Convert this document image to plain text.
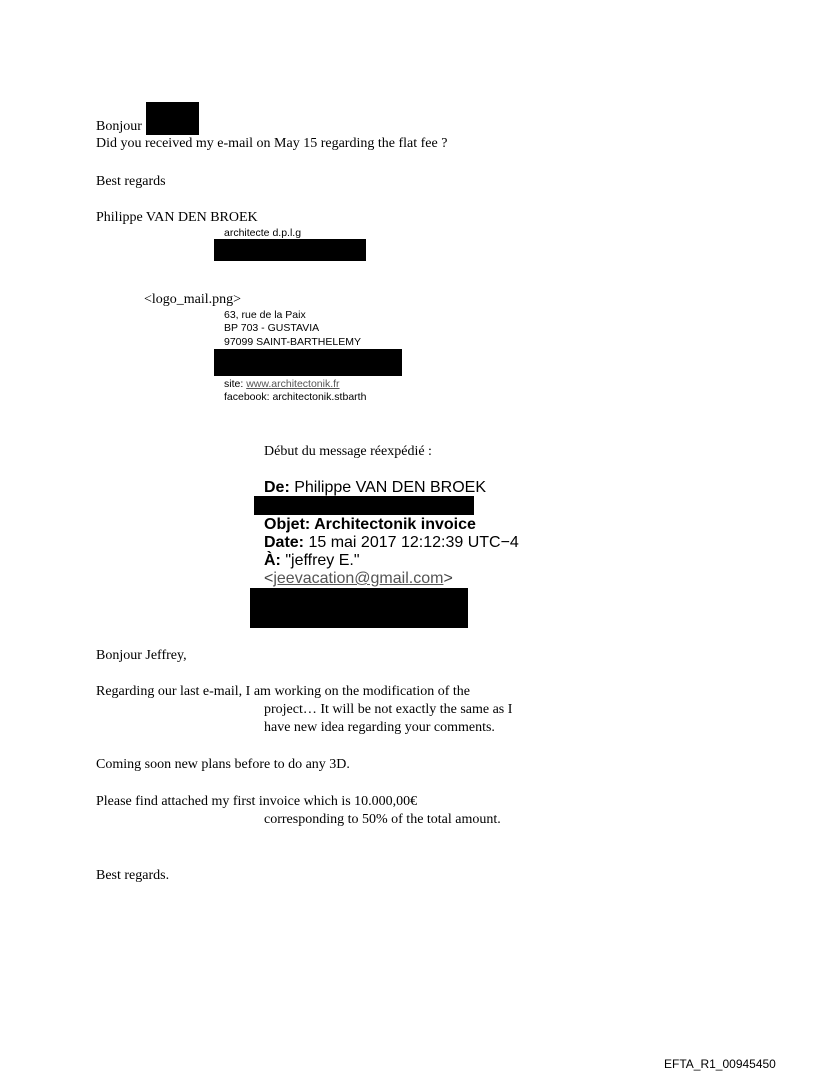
Bonjour

Did you received my e-mail on May 15 regarding the flat fee ?

Best regards

Philippe VAN DEN BROEK

architecte d.p.l.g

<logo_mail.png>

63, rue de la Paix

BP 703 - GUSTAVIA

97099 SAINT-BARTHELEMY

site: www.architectonik.fr

facebook: architectonik.stbarth

Début du message réexpédié :

De: Philippe VAN DEN BROEK

Objet: Architectonik invoice

Date: 15 mai 2017 12:12:39 UTC−4

À: "jeffrey E."

<jeevacation@gmail.com>

Bonjour Jeffrey,

Regarding our last e-mail, I am working on the modification of the

project… It will be not exactly the same as I

have new idea regarding your comments.

Coming soon new plans before to do any 3D.

Please find attached my first invoice which is 10.000,00€

corresponding to 50% of the total amount.

Best regards.

EFTA_R1_00945450
